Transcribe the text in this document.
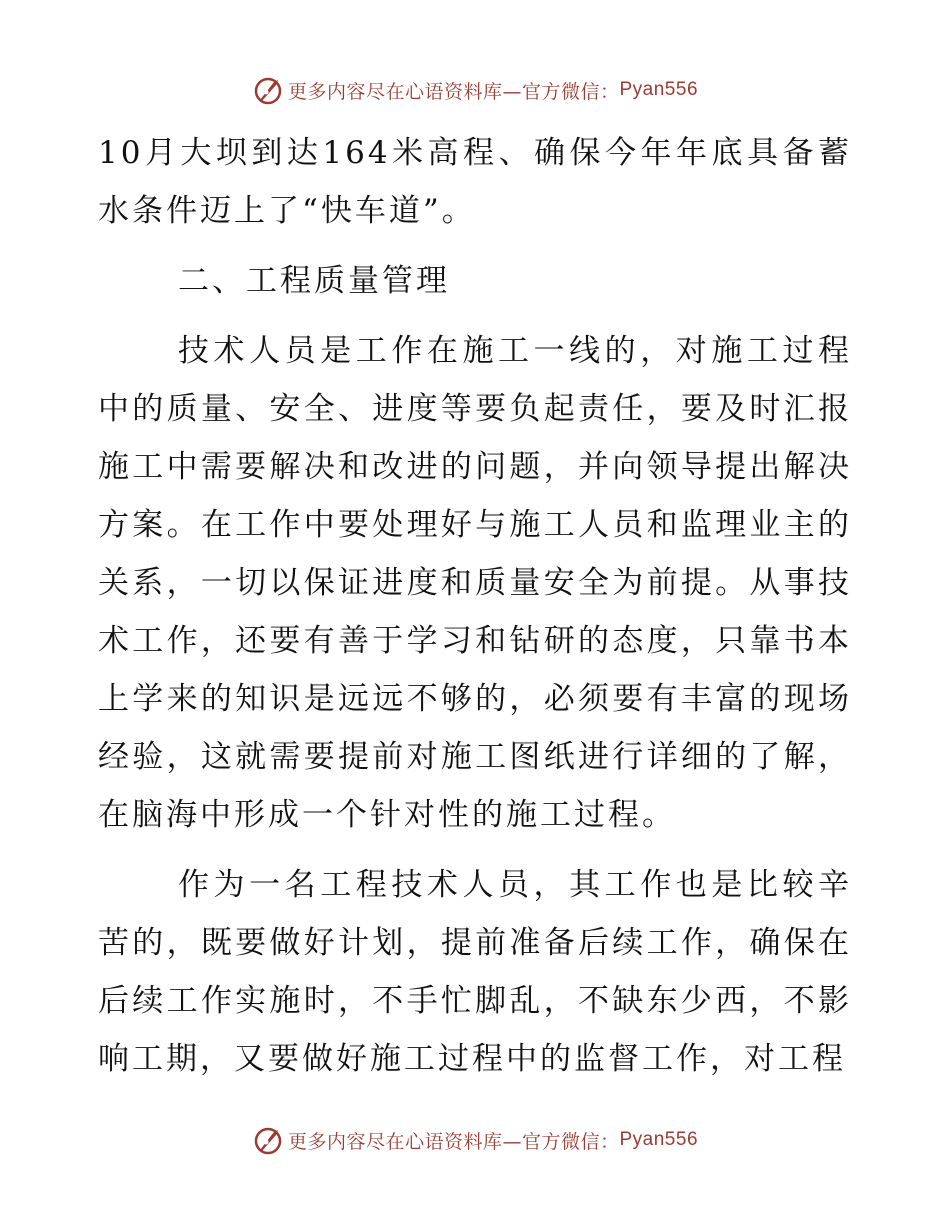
更多内容尽在心语资料库—官方微信： Pyan556

10月大坝到达164米高程、确保今年年底具备蓄水条件迈上了“快车道”。

二、工程质量管理

技术人员是工作在施工一线的，对施工过程中的质量、安全、进度等要负起责任，要及时汇报施工中需要解决和改进的问题，并向领导提出解决方案。在工作中要处理好与施工人员和监理业主的关系，一切以保证进度和质量安全为前提。从事技术工作，还要有善于学习和钻研的态度，只靠书本上学来的知识是远远不够的，必须要有丰富的现场经验，这就需要提前对施工图纸进行详细的了解，在脑海中形成一个针对性的施工过程。

作为一名工程技术人员，其工作也是比较辛苦的，既要做好计划，提前准备后续工作，确保在后续工作实施时，不手忙脚乱，不缺东少西，不影响工期，又要做好施工过程中的监督工作，对工程

更多内容尽在心语资料库—官方微信： Pyan556
